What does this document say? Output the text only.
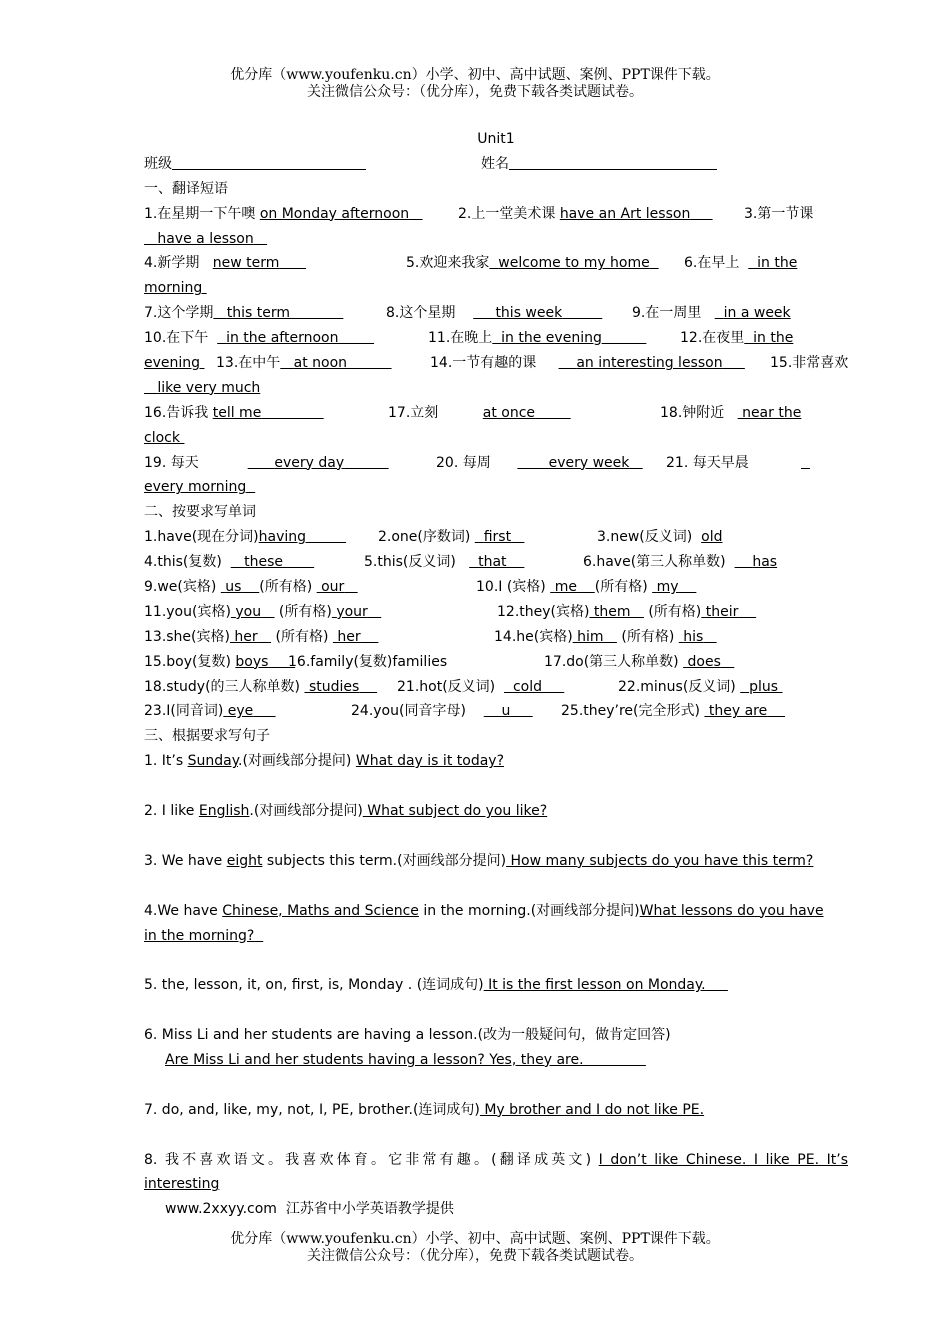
优分库（www.youfenku.cn）小学、初中、高中试题、案例、PPT课件下载。
关注微信公众号：（优分库），免费下载各类试题试卷。
Unit1
班级	姓名
一、翻译短语
1.在星期一下午噢 on Monday afternoon	2.上一堂美术课 have an Art lesson	3.第一节课
have a lesson
4.新学期 new term	5.欢迎来我家 welcome to my home	6.在早上    in the
morning
7.这个学期 this term	8.这个星期	this week	9.在一周里 in a week
10.在下午 in the afternoon	11.在晚上 in the evening	12.在夜里  in the
evening 13.在中午 at noon	14.一节有趣的课	an interesting lesson	15.非常喜欢
like very much
16.告诉我 tell me	17.立刻	at once	18.钟附近    near the
clock
19. 每天	every day	20. 每周	every week	21. 每天早晨

every morning
二、按要求写单词
1.have(现在分词)having	2.one(序数词) first	3.new(反义词) old
4.this(复数) these	5.this(反义词) that	6.have(第三人称单数) has
9.we(宾格) us (所有格) our	10.I (宾格) me (所有格) my
11.you(宾格) you (所有格) your	12.they(宾格) them (所有格) their
13.she(宾格) her (所有格) her	14.he(宾格) him (所有格) his
15.boy(复数) boys	16.family(复数)families	17.do(第三人称单数) does
18.study(的三人称单数) studies	21.hot(反义词) cold	22.minus(反义词) plus
23.I(同音词) eye	24.you(同音字母)	u	25.they’re(完全形式) they are
三、根据要求写句子
1. It’s Sunday.(对画线部分提问) What day is it today?
2. I like English.(对画线部分提问) What subject do you like?
3. We have eight subjects this term.(对画线部分提问) How many subjects do you have this term?
4.We have Chinese, Maths and Science in the morning.(对画线部分提问)What lessons do you have
in the morning?
5. the, lesson, it, on, first, is, Monday . (连词成句) It is the first lesson on Monday.
6. Miss Li and her students are having a lesson.(改为一般疑问句，做肯定回答)
Are Miss Li and her students having a lesson? Yes, they are.
7. do, and, like, my, not, I, PE, brother.(连词成句) My brother and I do not like PE.
8. 我不喜欢语文。我喜欢体育。它非常有趣。(翻译成英文) I don’t like Chinese. I like PE. It’s
interesting
www.2xxyy.com 江苏省中小学英语教学提供
优分库（www.youfenku.cn）小学、初中、高中试题、案例、PPT课件下载。
关注微信公众号：（优分库），免费下载各类试题试卷。
